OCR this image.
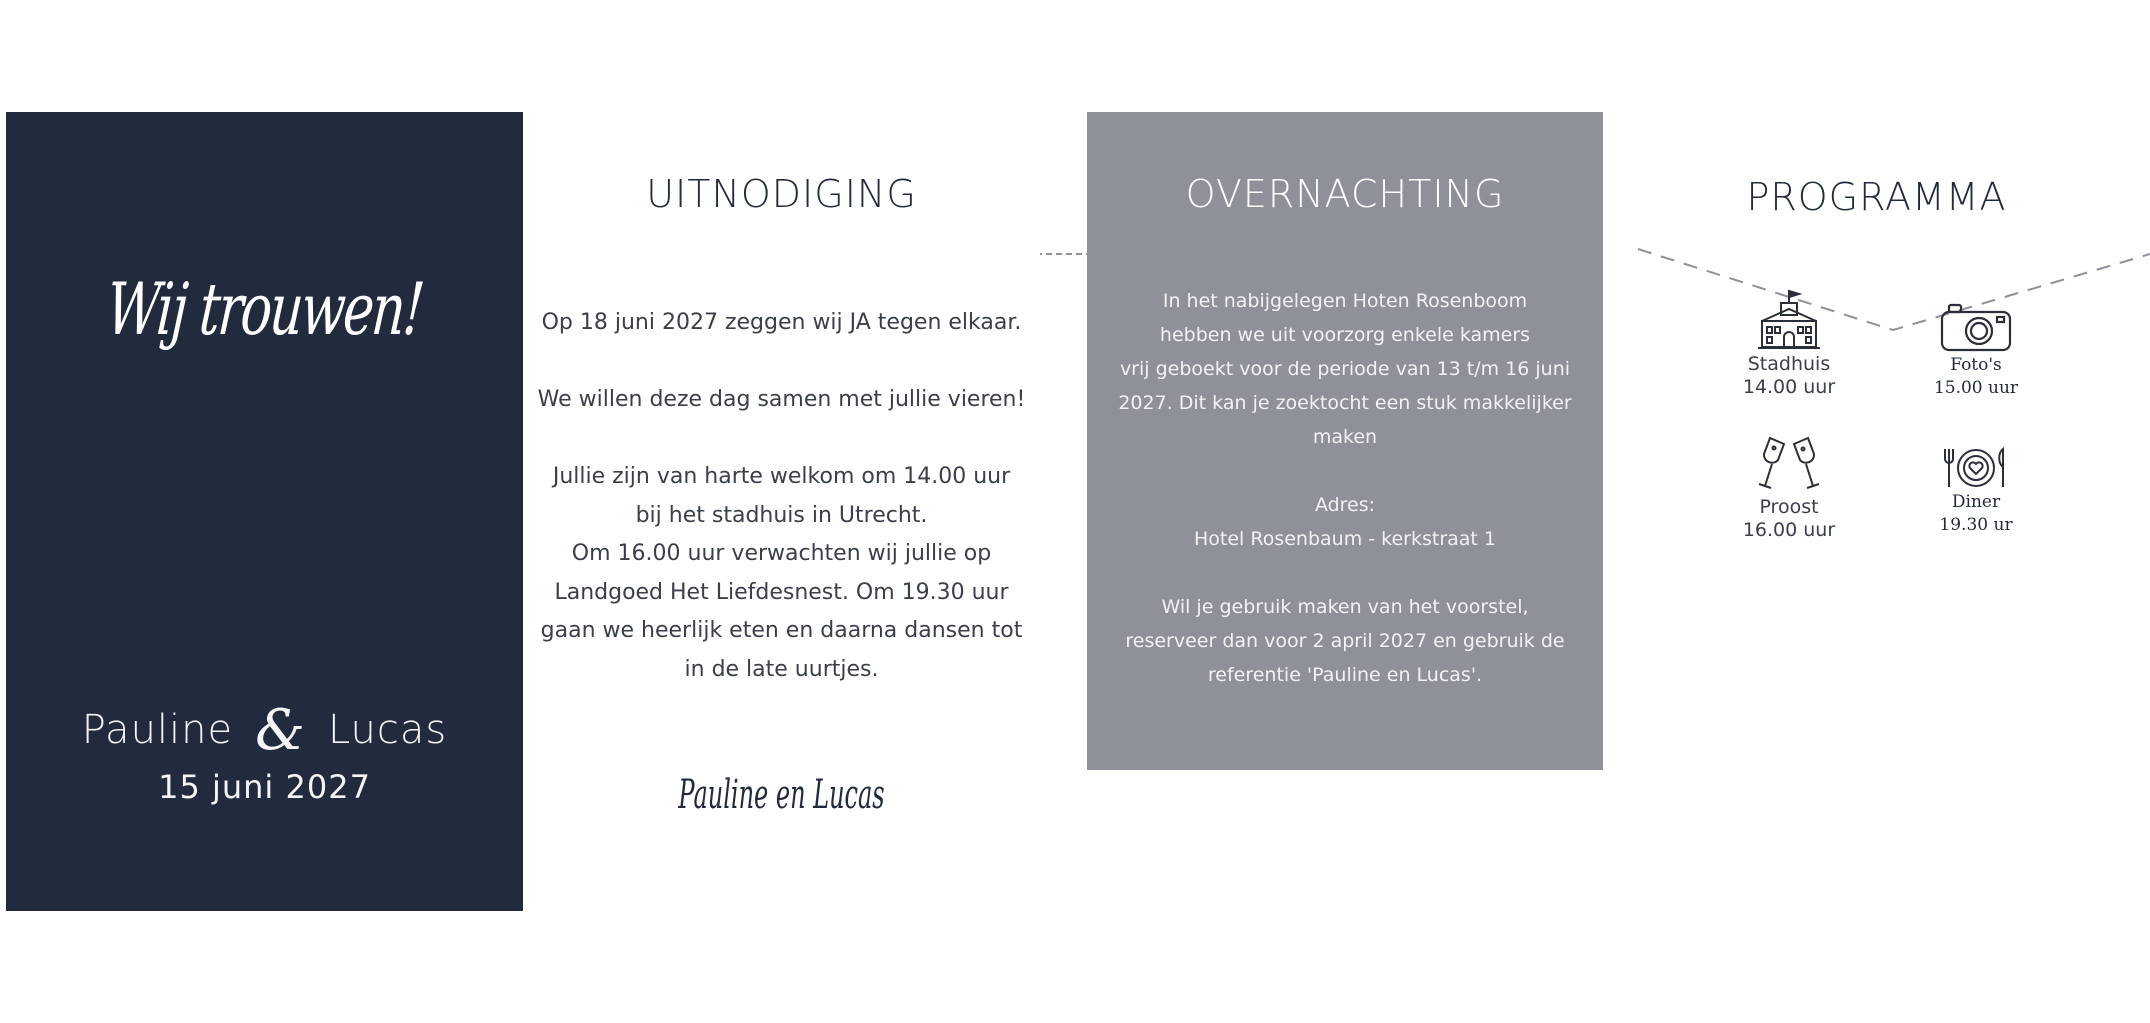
Wij trouwen!
Pauline & Lucas
15 juni 2027
UITNODIGING
Op 18 juni 2027 zeggen wij JA tegen elkaar.

We willen deze dag samen met jullie vieren!

Jullie zijn van harte welkom om 14.00 uur
bij het stadhuis in Utrecht.
Om 16.00 uur verwachten wij jullie op
Landgoed Het Liefdesnest. Om 19.30 uur
gaan we heerlijk eten en daarna dansen tot
in de late uurtjes.
Pauline en Lucas
OVERNACHTING
In het nabijgelegen Hoten Rosenboom
hebben we uit voorzorg enkele kamers
vrij geboekt voor de periode van 13 t/m 16 juni
2027. Dit kan je zoektocht een stuk makkelijker
maken

Adres:
Hotel Rosenbaum - kerkstraat 1

Wil je gebruik maken van het voorstel,
reserveer dan voor 2 april 2027 en gebruik de
referentie 'Pauline en Lucas'.
PROGRAMMA
Stadhuis
14.00 uur
Foto's
15.00 uur
Proost
16.00 uur
Diner
19.30 ur
